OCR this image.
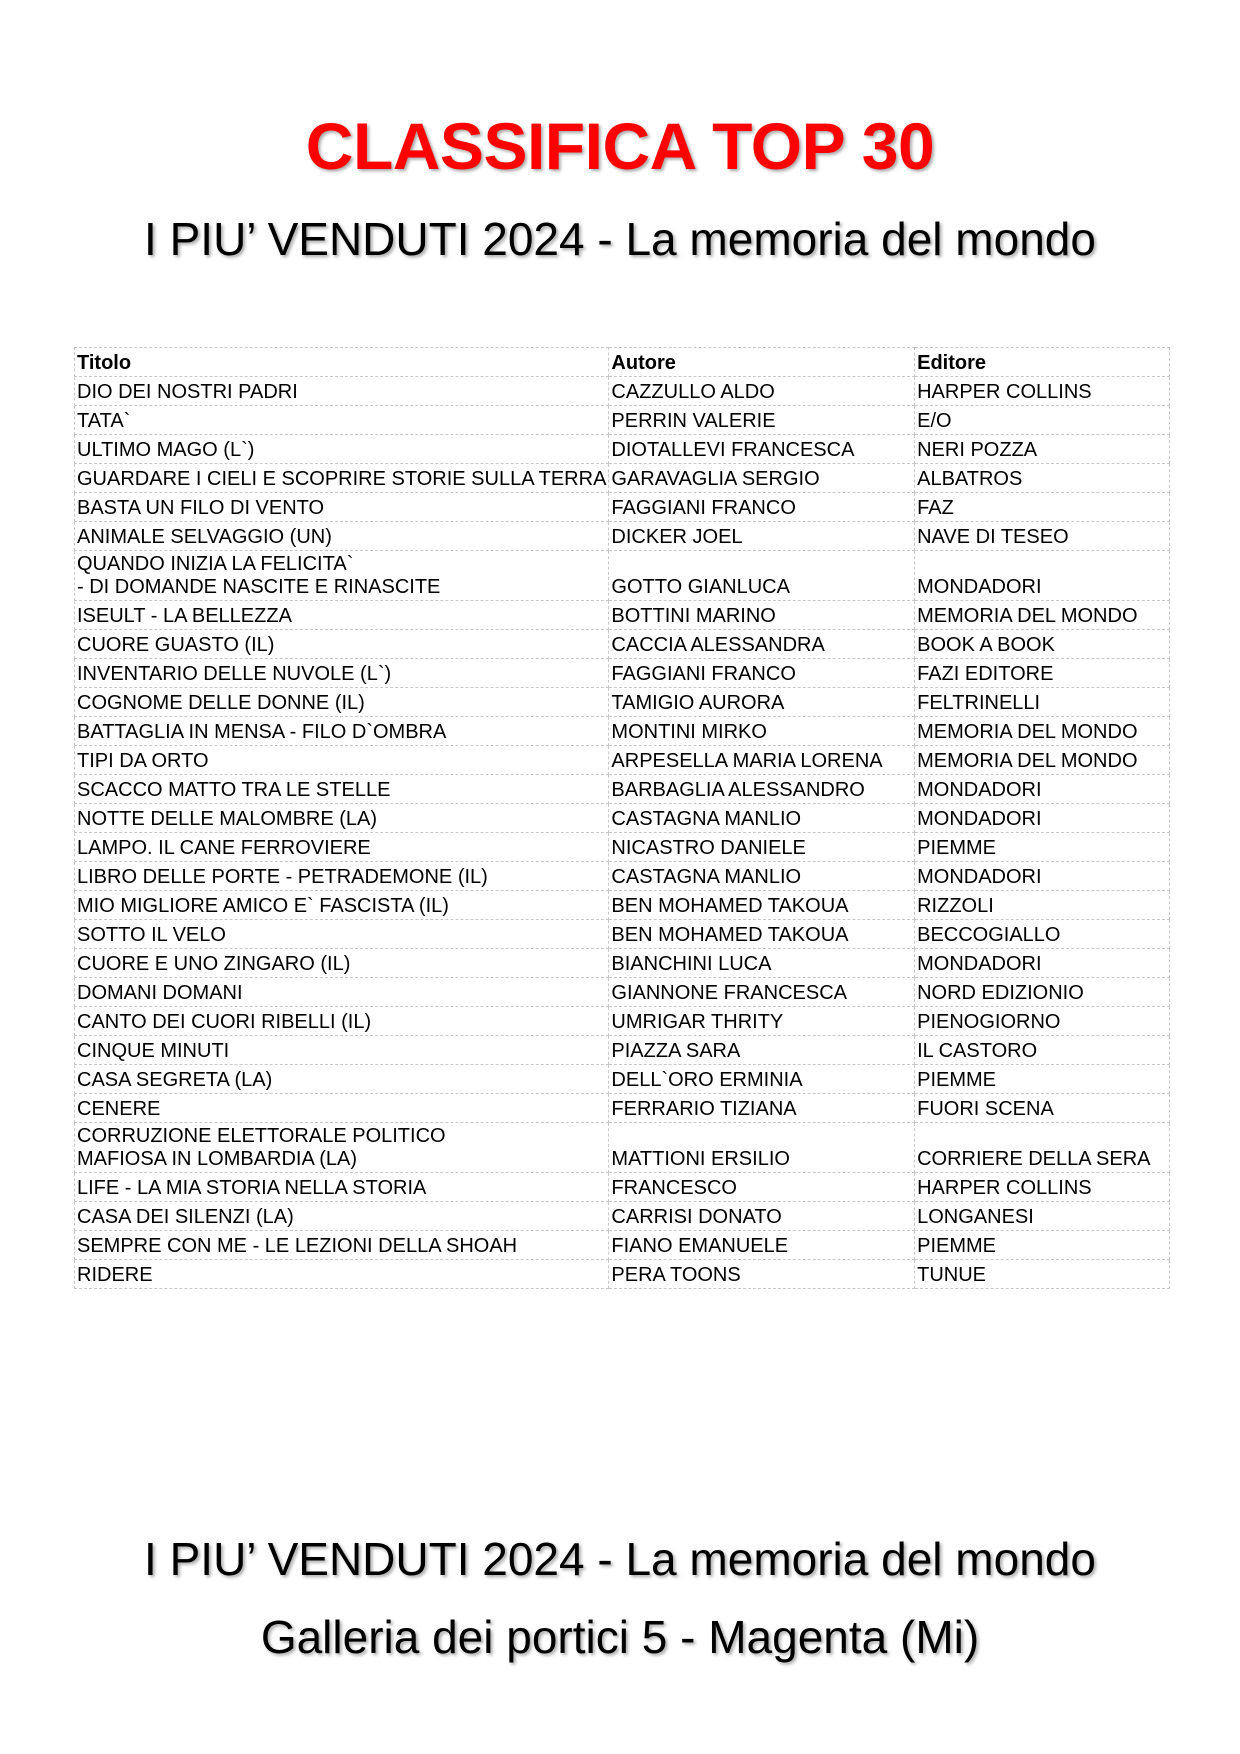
CLASSIFICA TOP 30
I PIU’ VENDUTI 2024 - La memoria del mondo
Titolo	Autore	Editore
DIO DEI NOSTRI PADRI	CAZZULLO ALDO	HARPER COLLINS
TATA`	PERRIN VALERIE	E/O
ULTIMO MAGO (L`)	DIOTALLEVI FRANCESCA	NERI POZZA
GUARDARE I CIELI E SCOPRIRE STORIE SULLA TERRA	GARAVAGLIA SERGIO	ALBATROS
BASTA UN FILO DI VENTO	FAGGIANI FRANCO	FAZ
ANIMALE SELVAGGIO (UN)	DICKER JOEL	NAVE DI TESEO
QUANDO INIZIA LA FELICITA`
- DI DOMANDE NASCITE E RINASCITE	GOTTO GIANLUCA	MONDADORI
ISEULT - LA BELLEZZA	BOTTINI MARINO	MEMORIA DEL MONDO
CUORE GUASTO (IL)	CACCIA ALESSANDRA	BOOK A BOOK
INVENTARIO DELLE NUVOLE (L`)	FAGGIANI FRANCO	FAZI EDITORE
COGNOME DELLE DONNE (IL)	TAMIGIO AURORA	FELTRINELLI
BATTAGLIA IN MENSA - FILO D`OMBRA	MONTINI MIRKO	MEMORIA DEL MONDO
TIPI DA ORTO	ARPESELLA MARIA LORENA	MEMORIA DEL MONDO
SCACCO MATTO TRA LE STELLE	BARBAGLIA ALESSANDRO	MONDADORI
NOTTE DELLE MALOMBRE (LA)	CASTAGNA MANLIO	MONDADORI
LAMPO. IL CANE FERROVIERE	NICASTRO DANIELE	PIEMME
LIBRO DELLE PORTE - PETRADEMONE (IL)	CASTAGNA MANLIO	MONDADORI
MIO MIGLIORE AMICO E` FASCISTA (IL)	BEN MOHAMED TAKOUA	RIZZOLI
SOTTO IL VELO	BEN MOHAMED TAKOUA	BECCOGIALLO
CUORE E UNO ZINGARO (IL)	BIANCHINI LUCA	MONDADORI
DOMANI DOMANI	GIANNONE FRANCESCA	NORD EDIZIONIO
CANTO DEI CUORI RIBELLI (IL)	UMRIGAR THRITY	PIENOGIORNO
CINQUE MINUTI	PIAZZA SARA	IL CASTORO
CASA SEGRETA (LA)	DELL`ORO ERMINIA	PIEMME
CENERE	FERRARIO TIZIANA	FUORI SCENA
CORRUZIONE ELETTORALE POLITICO
MAFIOSA IN LOMBARDIA (LA)	MATTIONI ERSILIO	CORRIERE DELLA SERA
LIFE - LA MIA STORIA NELLA STORIA	FRANCESCO	HARPER COLLINS
CASA DEI SILENZI (LA)	CARRISI DONATO	LONGANESI
SEMPRE CON ME - LE LEZIONI DELLA SHOAH	FIANO EMANUELE	PIEMME
RIDERE	PERA TOONS	TUNUE
I PIU’ VENDUTI 2024 - La memoria del mondo
Galleria dei portici 5 - Magenta (Mi)
